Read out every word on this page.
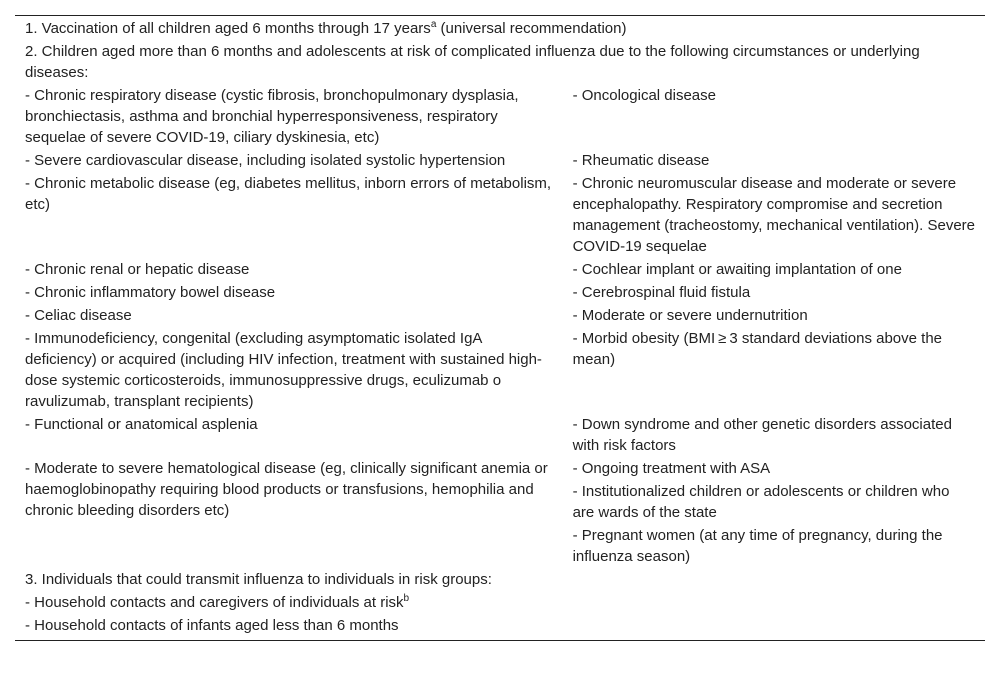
1. Vaccination of all children aged 6 months through 17 years$^a$ (universal recommendation)	
2. Children aged more than 6 months and adolescents at risk of complicated influenza due to the following circumstances or underlying diseases:	
- Chronic respiratory disease (cystic fibrosis, bronchopulmonary dysplasia, bronchiectasis, asthma and bronchial hyperresponsiveness, respiratory sequelae of severe COVID-19, ciliary dyskinesia, etc)	- Oncological disease
- Severe cardiovascular disease, including isolated systolic hypertension	- Rheumatic disease
- Chronic metabolic disease (eg, diabetes mellitus, inborn errors of metabolism, etc)	- Chronic neuromuscular disease and moderate or severe encephalopathy. Respiratory compromise and secretion management (tracheostomy, mechanical ventilation). Severe COVID-19 sequelae
- Chronic renal or hepatic disease	- Cochlear implant or awaiting implantation of one
- Chronic inflammatory bowel disease	- Cerebrospinal fluid fistula
- Celiac disease	- Moderate or severe undernutrition
- Immunodeficiency, congenital (excluding asymptomatic isolated IgA deficiency) or acquired (including HIV infection, treatment with sustained high-dose systemic corticosteroids, immunosuppressive drugs, eculizumab o ravulizumab, transplant recipients)	- Morbid obesity (BMI ≥ 3 standard deviations above the mean)
- Functional or anatomical asplenia	- Down syndrome and other genetic disorders associated with risk factors
- Moderate to severe hematological disease (eg, clinically significant anemia or haemoglobinopathy requiring blood products or transfusions, hemophilia and chronic bleeding disorders etc)	- Ongoing treatment with ASA
	- Institutionalized children or adolescents or children who are wards of the state
	- Pregnant women (at any time of pregnancy, during the influenza season)
3. Individuals that could transmit influenza to individuals in risk groups:	
- Household contacts and caregivers of individuals at risk$^b$
- Household contacts of infants aged less than 6 months	
